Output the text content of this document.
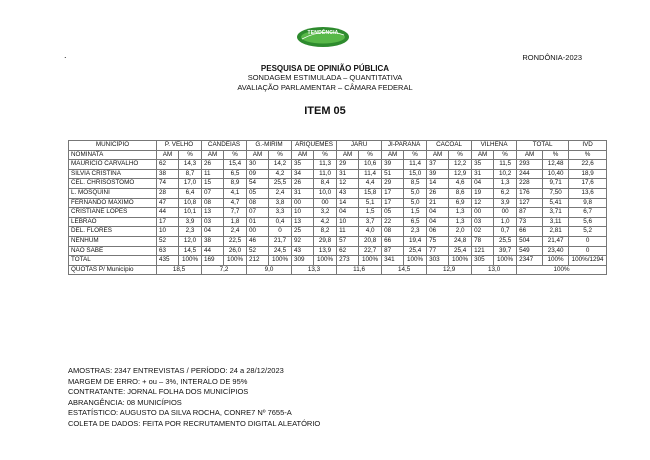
TENDÊNCIA
.	RONDÔNIA-2023
PESQUISA DE OPINIÃO PÚBLICA
SONDAGEM ESTIMULADA – QUANTITATIVA
AVALIAÇÃO PARLAMENTAR – CÂMARA FEDERAL
ITEM 05
MUNICÍPIO	P. VELHO		CANDEIAS		G.-MIRIM		ARIQUEMES		JARU		JI-PARANÁ		CACOAL		VILHENA		TOTAL		IVD
NOMINATA	AM	%	AM	%	AM	%	AM	%	AM	%	AM	%	AM	%	AM	%	AM	%	%
MAURICIO CARVALHO	62	14,3	26	15,4	30	14,2	35	11,3	29	10,6	39	11,4	37	12,2	35	11,5	293	12,48	22,6
SILVIA CRISTINA	38	8,7	11	6,5	09	4,2	34	11,0	31	11,4	51	15,0	39	12,9	31	10,2	244	10,40	18,9
CEL. CHRISÓSTOMO	74	17,0	15	8,9	54	25,5	26	8,4	12	4,4	29	8,5	14	4,6	04	1,3	228	9,71	17,6
L. MOSQUINI	28	6,4	07	4,1	05	2,4	31	10,0	43	15,8	17	5,0	26	8,6	19	6,2	176	7,50	13,6
FERNANDO MAXIMO	47	10,8	08	4,7	08	3,8	00	00	14	5,1	17	5,0	21	6,9	12	3,9	127	5,41	9,8
CRISTIANE LOPES	44	10,1	13	7,7	07	3,3	10	3,2	04	1,5	05	1,5	04	1,3	00	00	87	3,71	6,7
LEBRÃO	17	3,9	03	1,8	01	0,4	13	4,2	10	3,7	22	6,5	04	1,3	03	1,0	73	3,11	5,6
DEL. FLORES	10	2,3	04	2,4	00	0	25	8,2	11	4,0	08	2,3	06	2,0	02	0,7	66	2,81	5,2
NENHUM	52	12,0	38	22,5	46	21,7	92	29,8	57	20,8	66	19,4	75	24,8	78	25,5	504	21,47	0
NÃO SABE	63	14,5	44	26,0	52	24,5	43	13,9	62	22,7	87	25,4	77	25,4	121	39,7	549	23,40	0
TOTAL	435	100%	169	100%	212	100%	309	100%	273	100%	341	100%	303	100%	305	100%	2347	100%	100%/1294
QUOTAS P/ Município	18,5		7,2		9,0		13,3		11,6		14,5		12,9		13,0		100%		
AMOSTRAS: 2347 ENTREVISTAS / PERÍODO: 24 a 28/12/2023
MARGEM DE ERRO: + ou – 3%, INTERALO DE 95%
CONTRATANTE: JORNAL FOLHA DOS MUNICÍPIOS
ABRANGÊNCIA: 08 MUNICÍPIOS
ESTATÍSTICO: AUGUSTO DA SILVA ROCHA, CONRE7 Nº 7655-A
COLETA DE DADOS: FEITA POR RECRUTAMENTO DIGITAL ALEATÓRIO
